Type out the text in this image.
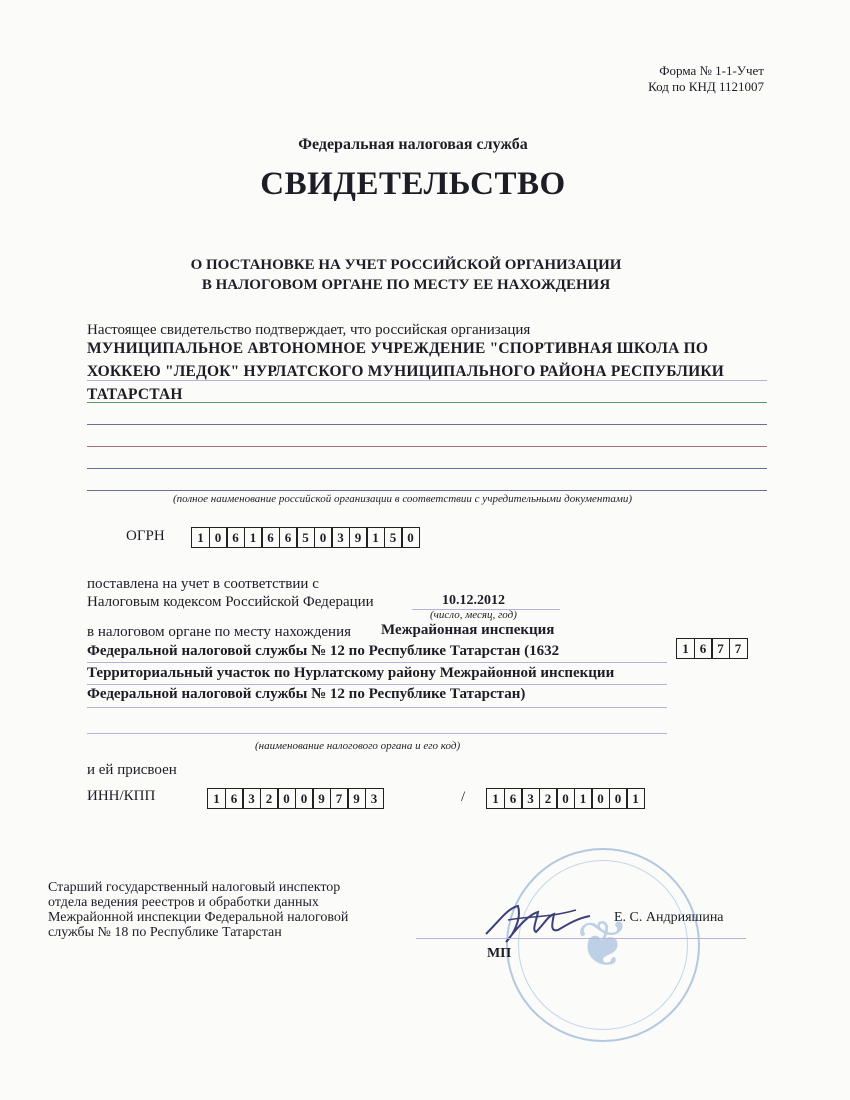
Форма № 1-1-Учет
Код по КНД 1121007
Федеральная налоговая служба
СВИДЕТЕЛЬСТВО
О ПОСТАНОВКЕ НА УЧЕТ РОССИЙСКОЙ ОРГАНИЗАЦИИ
В НАЛОГОВОМ ОРГАНЕ ПО МЕСТУ ЕЕ НАХОЖДЕНИЯ
Настоящее свидетельство подтверждает, что российская организация
МУНИЦИПАЛЬНОЕ АВТОНОМНОЕ УЧРЕЖДЕНИЕ "СПОРТИВНАЯ ШКОЛА ПО
ХОККЕЮ "ЛЕДОК" НУРЛАТСКОГО МУНИЦИПАЛЬНОГО РАЙОНА РЕСПУБЛИКИ
ТАТАРСТАН
(полное наименование российской организации в соответствии с учредительными документами)
ОГРН	1 0 6 1 6 6 5 0 3 9 1 5 0
поставлена на учет в соответствии с
Налоговым кодексом Российской Федерации	10.12.2012
(число, месяц, год)
в налоговом органе по месту нахождения Межрайонная инспекция
Федеральной налоговой службы № 12 по Республике Татарстан (1632
Территориальный участок по Нурлатскому району Межрайонной инспекции
Федеральной налоговой службы № 12 по Республике Татарстан)
1 6 7 7
(наименование налогового органа и его код)
и ей присвоен
ИНН/КПП	1 6 3 2 0 0 9 7 9 3	/	1 6 3 2 0 1 0 0 1
Старший государственный налоговый инспектор
отдела ведения реестров и обработки данных
Межрайонной инспекции Федеральной налоговой
службы № 18 по Республике Татарстан	❦
Е. С. Андрияшина
МП
